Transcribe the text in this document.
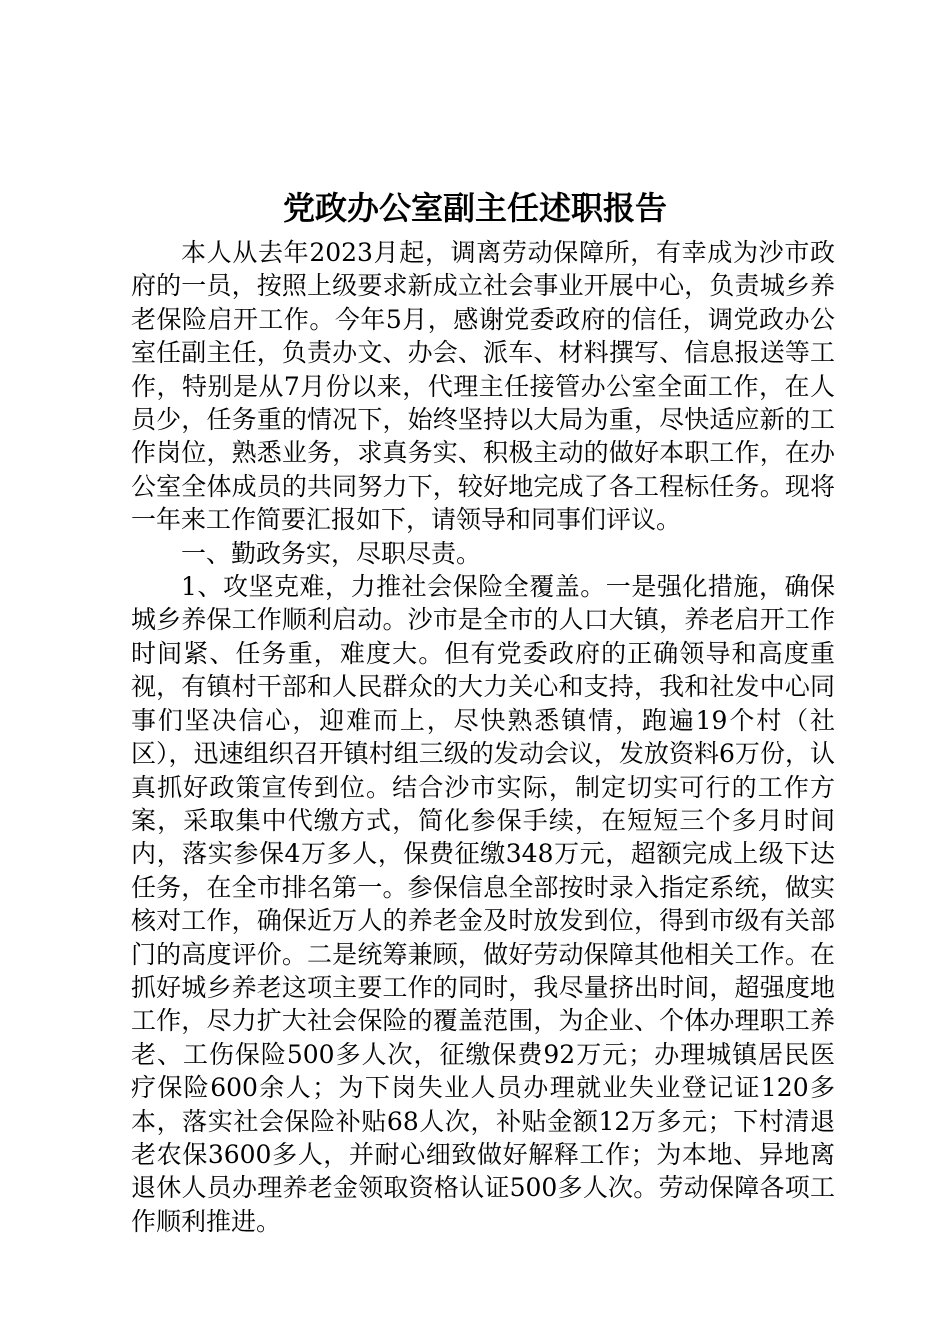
党政办公室副主任述职报告

本人从去年2023月起，调离劳动保障所，有幸成为沙市政府的一员，按照上级要求新成立社会事业开展中心，负责城乡养老保险启开工作。今年5月，感谢党委政府的信任，调党政办公室任副主任，负责办文、办会、派车、材料撰写、信息报送等工作，特别是从7月份以来，代理主任接管办公室全面工作，在人员少，任务重的情况下，始终坚持以大局为重，尽快适应新的工作岗位，熟悉业务，求真务实、积极主动的做好本职工作，在办公室全体成员的共同努力下，较好地完成了各工程标任务。现将一年来工作简要汇报如下，请领导和同事们评议。

一、勤政务实，尽职尽责。

1、攻坚克难，力推社会保险全覆盖。一是强化措施，确保城乡养保工作顺利启动。沙市是全市的人口大镇，养老启开工作时间紧、任务重，难度大。但有党委政府的正确领导和高度重视，有镇村干部和人民群众的大力关心和支持，我和社发中心同事们坚决信心，迎难而上，尽快熟悉镇情，跑遍19个村（社区），迅速组织召开镇村组三级的发动会议，发放资料6万份，认真抓好政策宣传到位。结合沙市实际，制定切实可行的工作方案，采取集中代缴方式，简化参保手续，在短短三个多月时间内，落实参保4万多人，保费征缴348万元，超额完成上级下达任务，在全市排名第一。参保信息全部按时录入指定系统，做实核对工作，确保近万人的养老金及时放发到位，得到市级有关部门的高度评价。二是统筹兼顾，做好劳动保障其他相关工作。在抓好城乡养老这项主要工作的同时，我尽量挤出时间，超强度地工作，尽力扩大社会保险的覆盖范围，为企业、个体办理职工养老、工伤保险500多人次，征缴保费92万元；办理城镇居民医疗保险600余人；为下岗失业人员办理就业失业登记证120多本，落实社会保险补贴68人次，补贴金额12万多元；下村清退老农保3600多人，并耐心细致做好解释工作；为本地、异地离退休人员办理养老金领取资格认证500多人次。劳动保障各项工作顺利推进。
